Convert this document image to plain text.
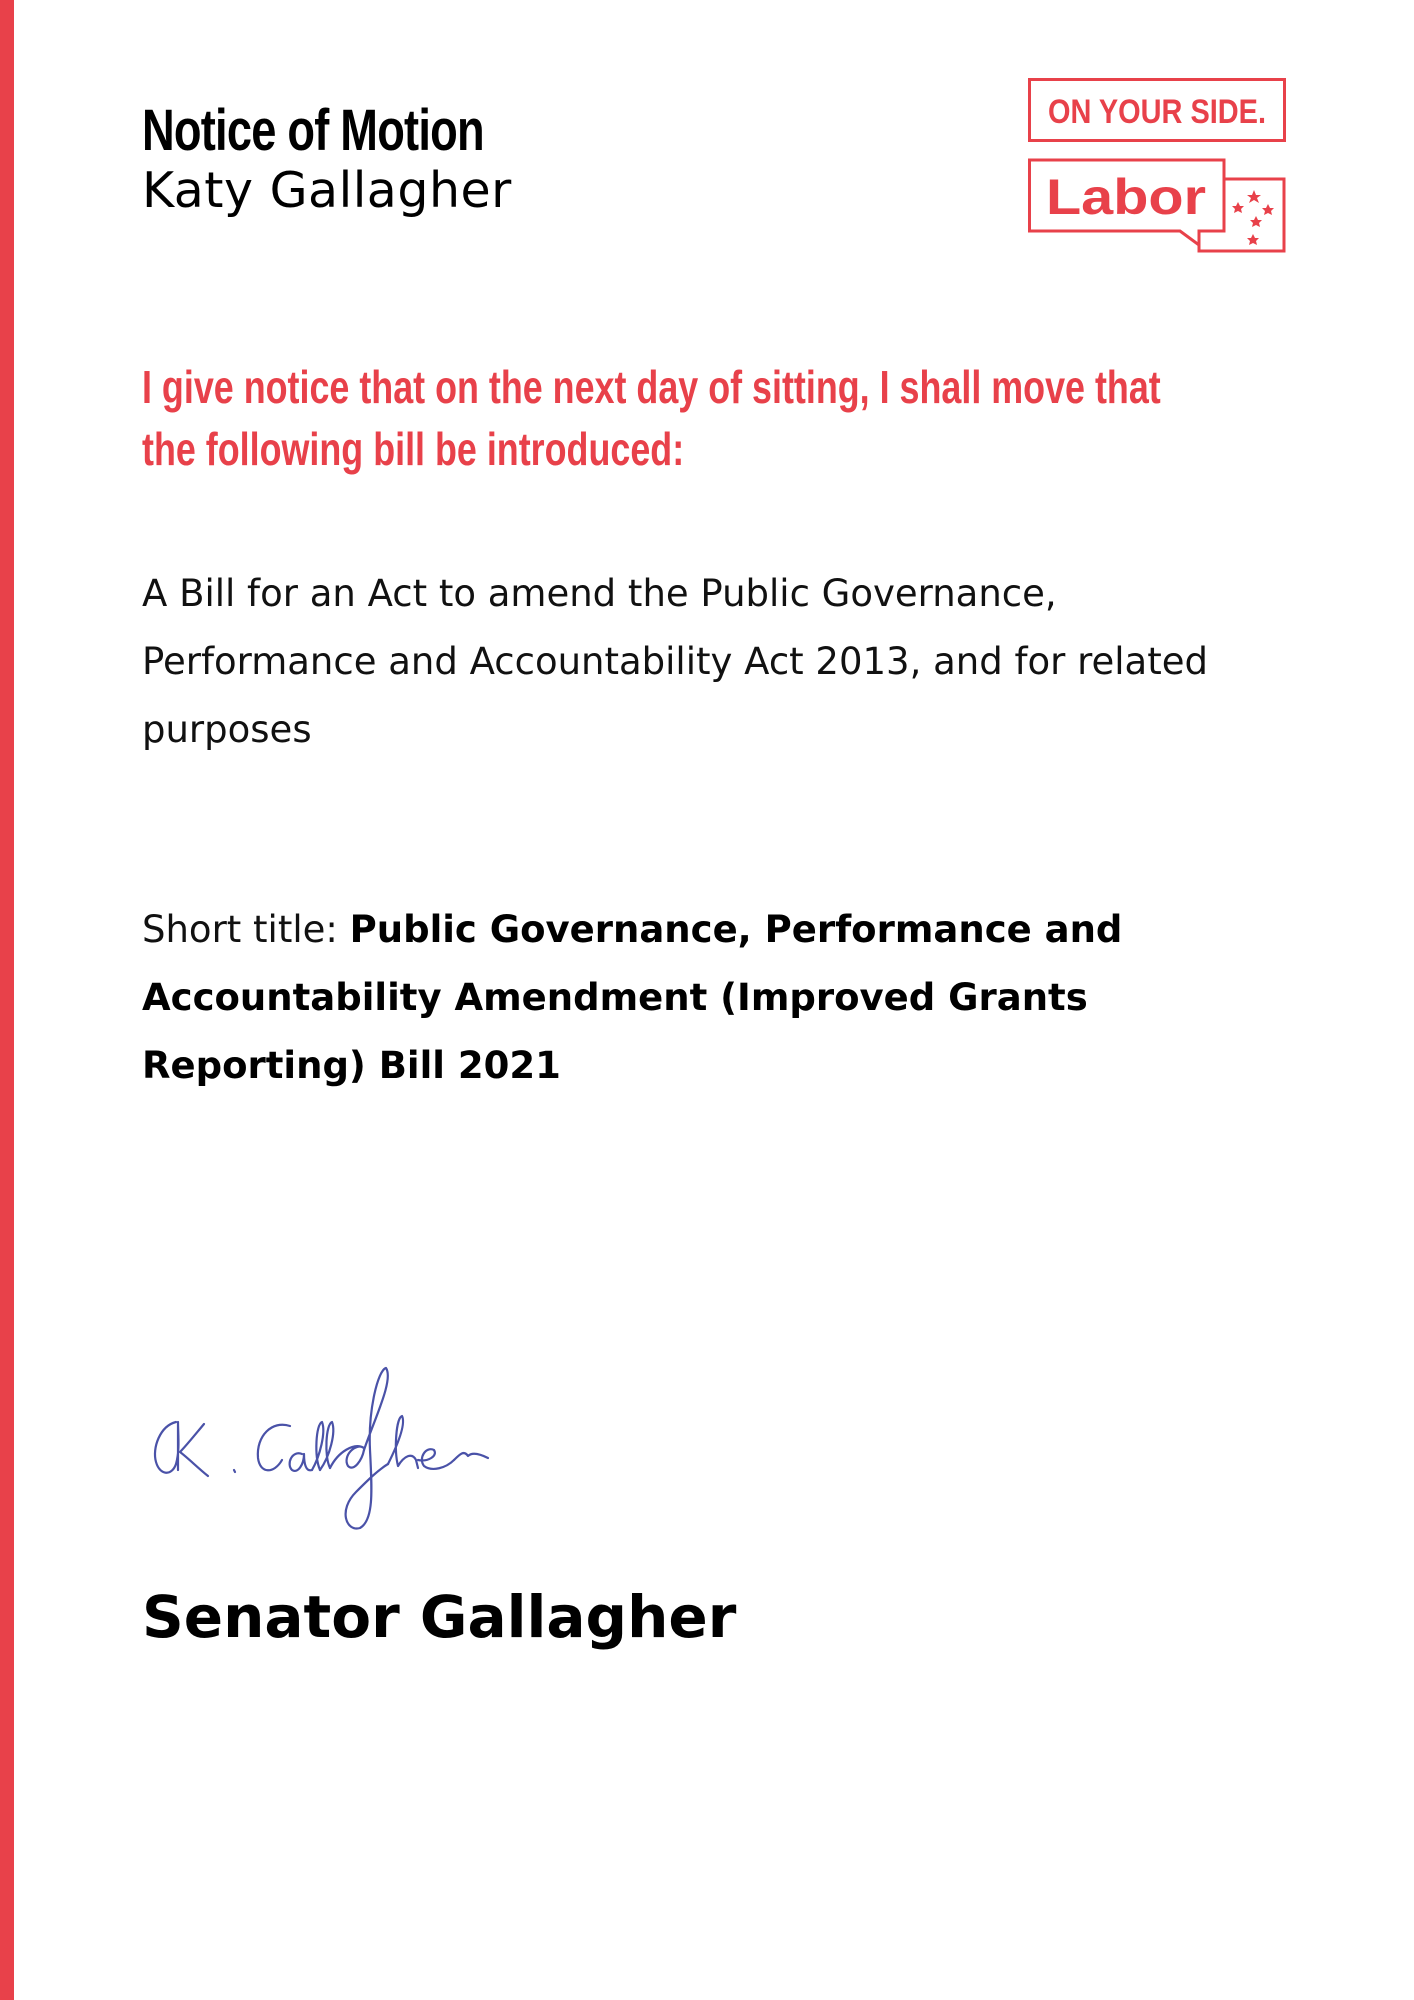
Notice of Motion
Katy Gallagher
ON YOUR SIDE.
Labor
I give notice that on the next day of sitting, I shall move that the following bill be introduced:
A Bill for an Act to amend the Public Governance, Performance and Accountability Act 2013, and for related purposes
Short title: Public Governance, Performance and Accountability Amendment (Improved Grants Reporting) Bill 2021
Senator Gallagher
